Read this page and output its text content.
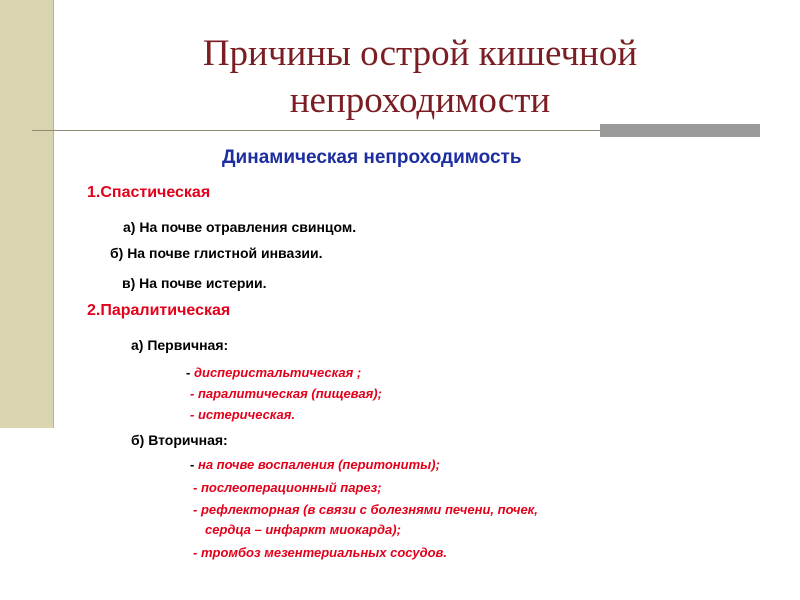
Причины острой кишечной
непроходимости
Динамическая непроходимость
1.Спастическая
а) На почве отравления свинцом.
б) На почве глистной инвазии.
в) На почве истерии.
2.Паралитическая
а) Первичная:
- дисперистальтическая ;
- паралитическая (пищевая);
- истерическая.
б) Вторичная:
- на почве воспаления (перитониты);
- послеоперационный парез;
- рефлекторная (в связи с болезнями печени, почек,
сердца – инфаркт миокарда);
- тромбоз мезентериальных сосудов.
